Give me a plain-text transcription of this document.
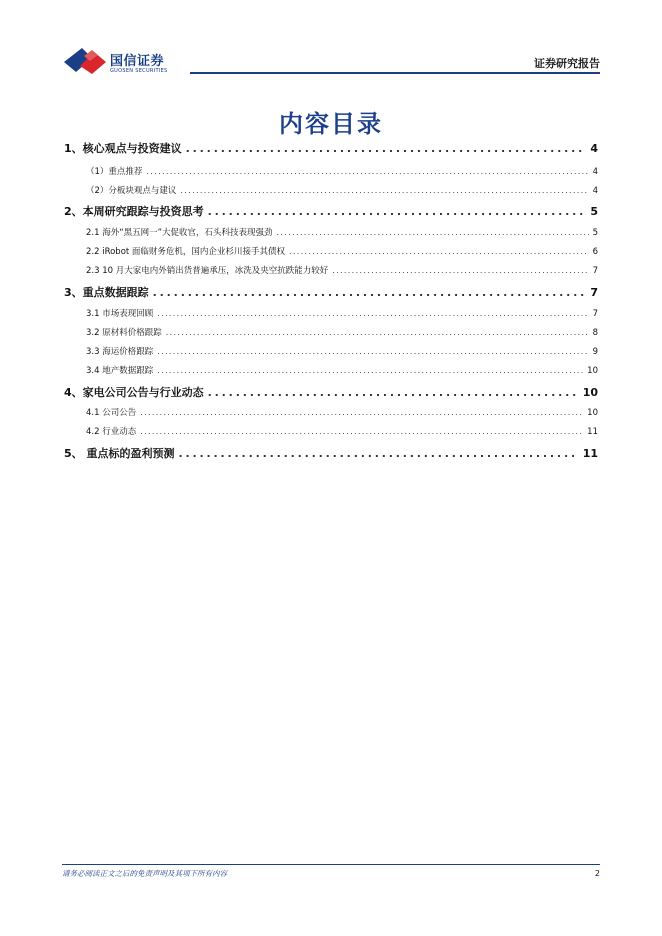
国信证券
GUOSEN SECURITIES
证券研究报告
内容目录
1、核心观点与投资建议 . . .	4
（1）重点推荐 . . .	4
（2）分板块观点与建议 . . .	4
2、本周研究跟踪与投资思考 . . .	5
2.1 海外“黑五网一”大促收官，石头科技表现强劲 . . .	5
2.2 iRobot 面临财务危机，国内企业杉川接手其债权 . . .	6
2.3 10 月大家电内外销出货普遍承压，冰洗及央空抗跌能力较好 . . .	7
3、重点数据跟踪 . . .	7
3.1 市场表现回顾 . . .	7
3.2 原材料价格跟踪 . . .	8
3.3 海运价格跟踪 . . .	9
3.4 地产数据跟踪 . . .	10
4、家电公司公告与行业动态 . . .	10
4.1 公司公告 . . .	10
4.2 行业动态 . . .	11
5、 重点标的盈利预测 . . .	11
请务必阅读正文之后的免责声明及其项下所有内容	2
